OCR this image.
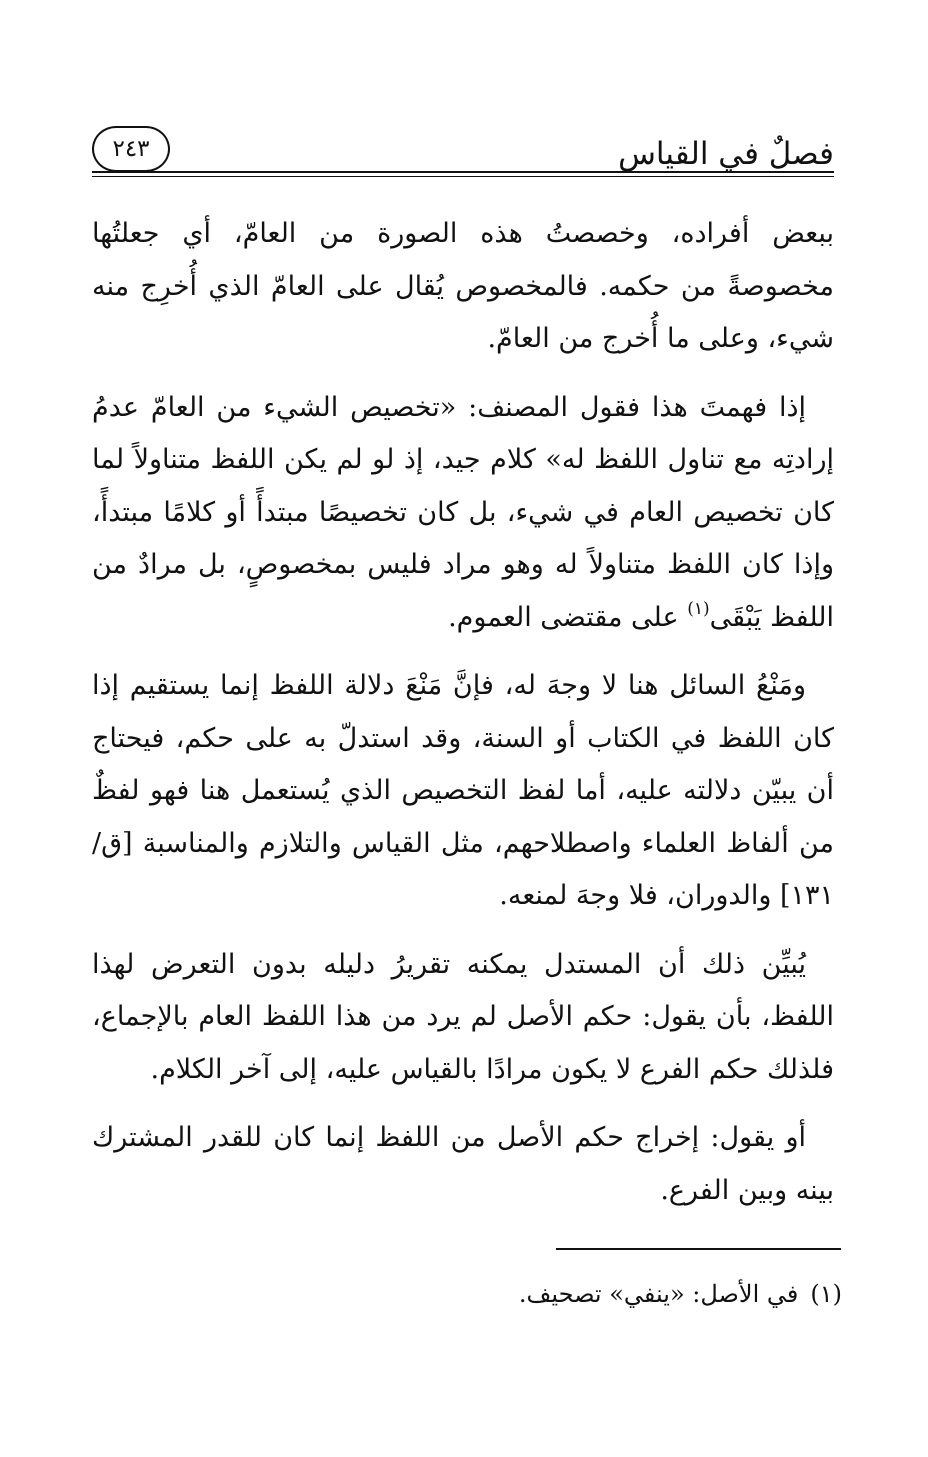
فصلٌ في القياس
٢٤٣

ببعض أفراده، وخصصتُ هذه الصورة من العامّ، أي جعلتُها مخصوصةً من حكمه. فالمخصوص يُقال على العامّ الذي أُخرِج منه شيء، وعلى ما أُخرج من العامّ.

إذا فهمتَ هذا فقول المصنف: «تخصيص الشيء من العامّ عدمُ إرادتِه مع تناول اللفظ له» كلام جيد، إذ لو لم يكن اللفظ متناولاً لما كان تخصيص العام في شيء، بل كان تخصيصًا مبتدأً أو كلامًا مبتدأً، وإذا كان اللفظ متناولاً له وهو مراد فليس بمخصوصٍ، بل مرادٌ من اللفظ يَبْقَى$^{(١)}$ على مقتضى العموم.

ومَنْعُ السائل هنا لا وجهَ له، فإنَّ مَنْعَ دلالة اللفظ إنما يستقيم إذا كان اللفظ في الكتاب أو السنة، وقد استدلّ به على حكم، فيحتاج أن يبيّن دلالته عليه، أما لفظ التخصيص الذي يُستعمل هنا فهو لفظٌ من ألفاظ العلماء واصطلاحهم، مثل القياس والتلازم والمناسبة [ق/١٣١] والدوران، فلا وجهَ لمنعه.

يُبيِّن ذلك أن المستدل يمكنه تقريرُ دليله بدون التعرض لهذا اللفظ، بأن يقول: حكم الأصل لم يرد من هذا اللفظ العام بالإجماع، فلذلك حكم الفرع لا يكون مرادًا بالقياس عليه، إلى آخر الكلام.

أو يقول: إخراج حكم الأصل من اللفظ إنما كان للقدر المشترك بينه وبين الفرع.

(١)في الأصل: «ينفي» تصحيف.
